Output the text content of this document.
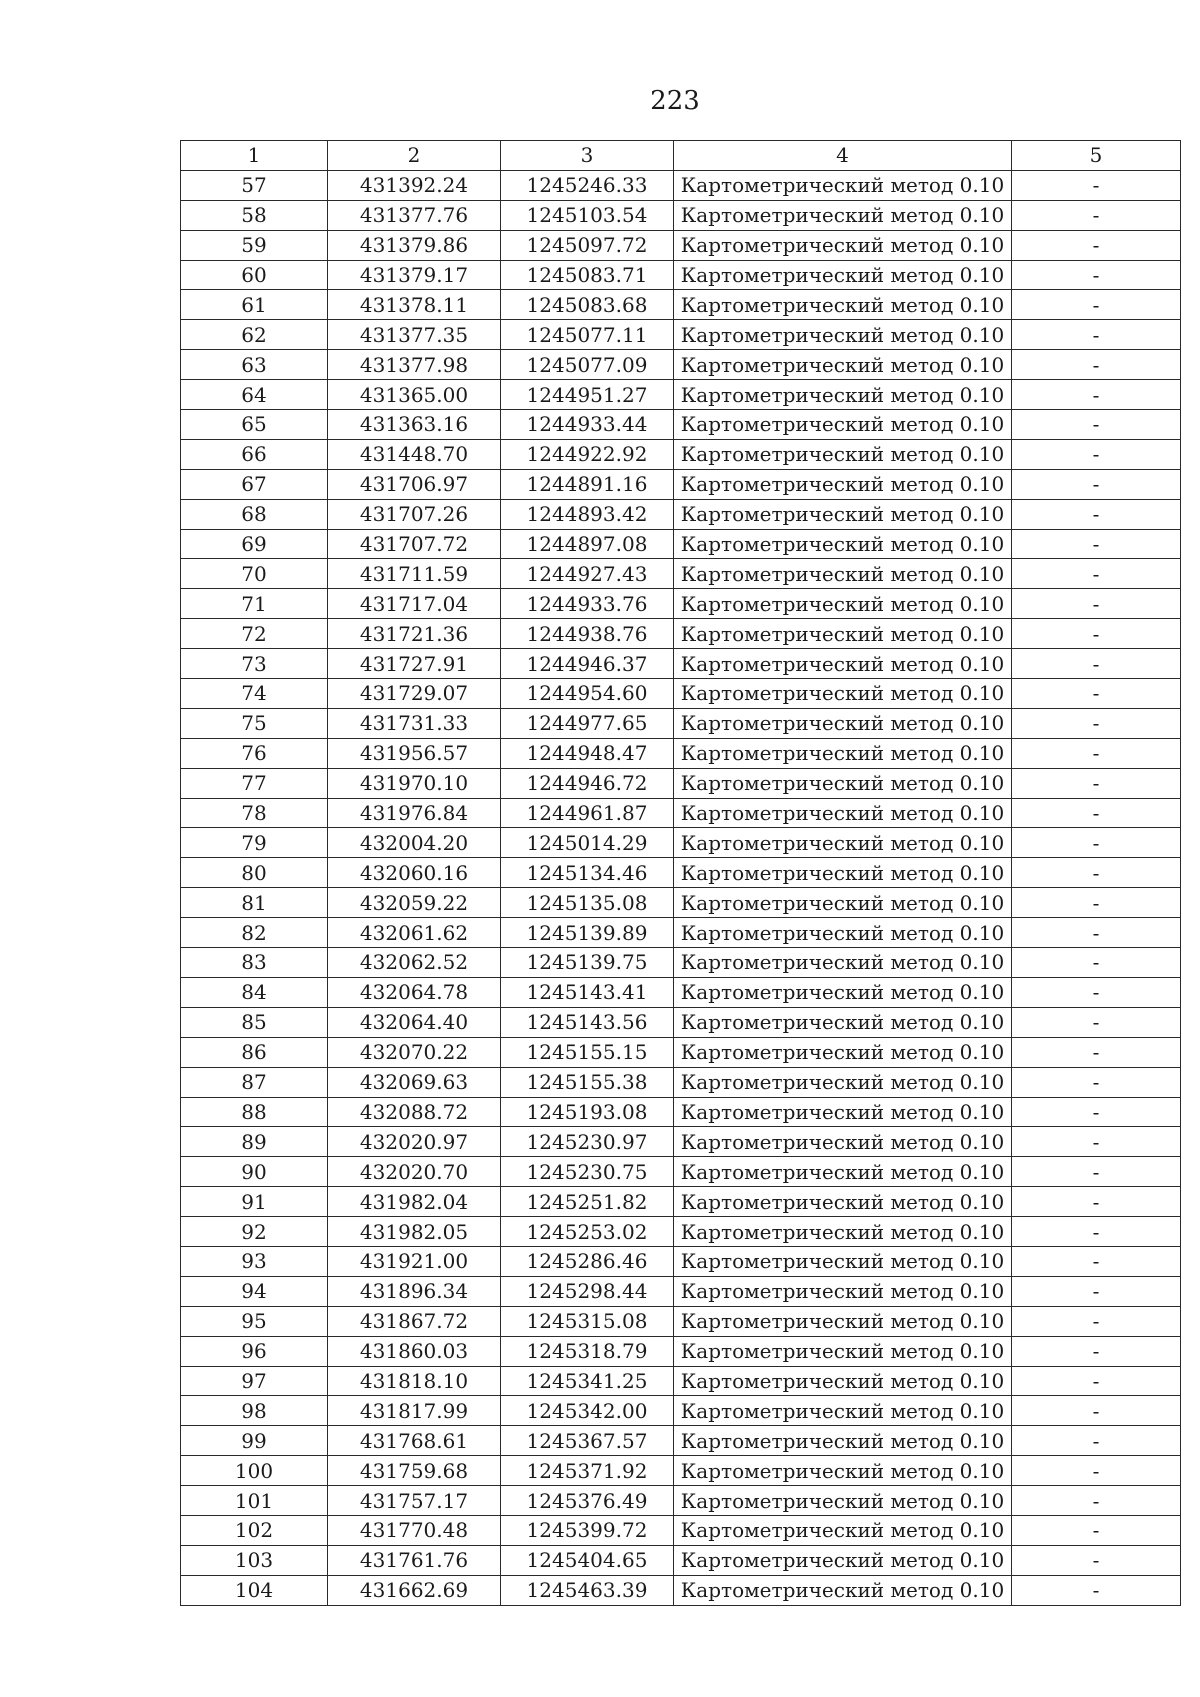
223
1	2	3	4	5
57	431392.24	1245246.33	Картометрический метод 0.10	-
58	431377.76	1245103.54	Картометрический метод 0.10	-
59	431379.86	1245097.72	Картометрический метод 0.10	-
60	431379.17	1245083.71	Картометрический метод 0.10	-
61	431378.11	1245083.68	Картометрический метод 0.10	-
62	431377.35	1245077.11	Картометрический метод 0.10	-
63	431377.98	1245077.09	Картометрический метод 0.10	-
64	431365.00	1244951.27	Картометрический метод 0.10	-
65	431363.16	1244933.44	Картометрический метод 0.10	-
66	431448.70	1244922.92	Картометрический метод 0.10	-
67	431706.97	1244891.16	Картометрический метод 0.10	-
68	431707.26	1244893.42	Картометрический метод 0.10	-
69	431707.72	1244897.08	Картометрический метод 0.10	-
70	431711.59	1244927.43	Картометрический метод 0.10	-
71	431717.04	1244933.76	Картометрический метод 0.10	-
72	431721.36	1244938.76	Картометрический метод 0.10	-
73	431727.91	1244946.37	Картометрический метод 0.10	-
74	431729.07	1244954.60	Картометрический метод 0.10	-
75	431731.33	1244977.65	Картометрический метод 0.10	-
76	431956.57	1244948.47	Картометрический метод 0.10	-
77	431970.10	1244946.72	Картометрический метод 0.10	-
78	431976.84	1244961.87	Картометрический метод 0.10	-
79	432004.20	1245014.29	Картометрический метод 0.10	-
80	432060.16	1245134.46	Картометрический метод 0.10	-
81	432059.22	1245135.08	Картометрический метод 0.10	-
82	432061.62	1245139.89	Картометрический метод 0.10	-
83	432062.52	1245139.75	Картометрический метод 0.10	-
84	432064.78	1245143.41	Картометрический метод 0.10	-
85	432064.40	1245143.56	Картометрический метод 0.10	-
86	432070.22	1245155.15	Картометрический метод 0.10	-
87	432069.63	1245155.38	Картометрический метод 0.10	-
88	432088.72	1245193.08	Картометрический метод 0.10	-
89	432020.97	1245230.97	Картометрический метод 0.10	-
90	432020.70	1245230.75	Картометрический метод 0.10	-
91	431982.04	1245251.82	Картометрический метод 0.10	-
92	431982.05	1245253.02	Картометрический метод 0.10	-
93	431921.00	1245286.46	Картометрический метод 0.10	-
94	431896.34	1245298.44	Картометрический метод 0.10	-
95	431867.72	1245315.08	Картометрический метод 0.10	-
96	431860.03	1245318.79	Картометрический метод 0.10	-
97	431818.10	1245341.25	Картометрический метод 0.10	-
98	431817.99	1245342.00	Картометрический метод 0.10	-
99	431768.61	1245367.57	Картометрический метод 0.10	-
100	431759.68	1245371.92	Картометрический метод 0.10	-
101	431757.17	1245376.49	Картометрический метод 0.10	-
102	431770.48	1245399.72	Картометрический метод 0.10	-
103	431761.76	1245404.65	Картометрический метод 0.10	-
104	431662.69	1245463.39	Картометрический метод 0.10	-
